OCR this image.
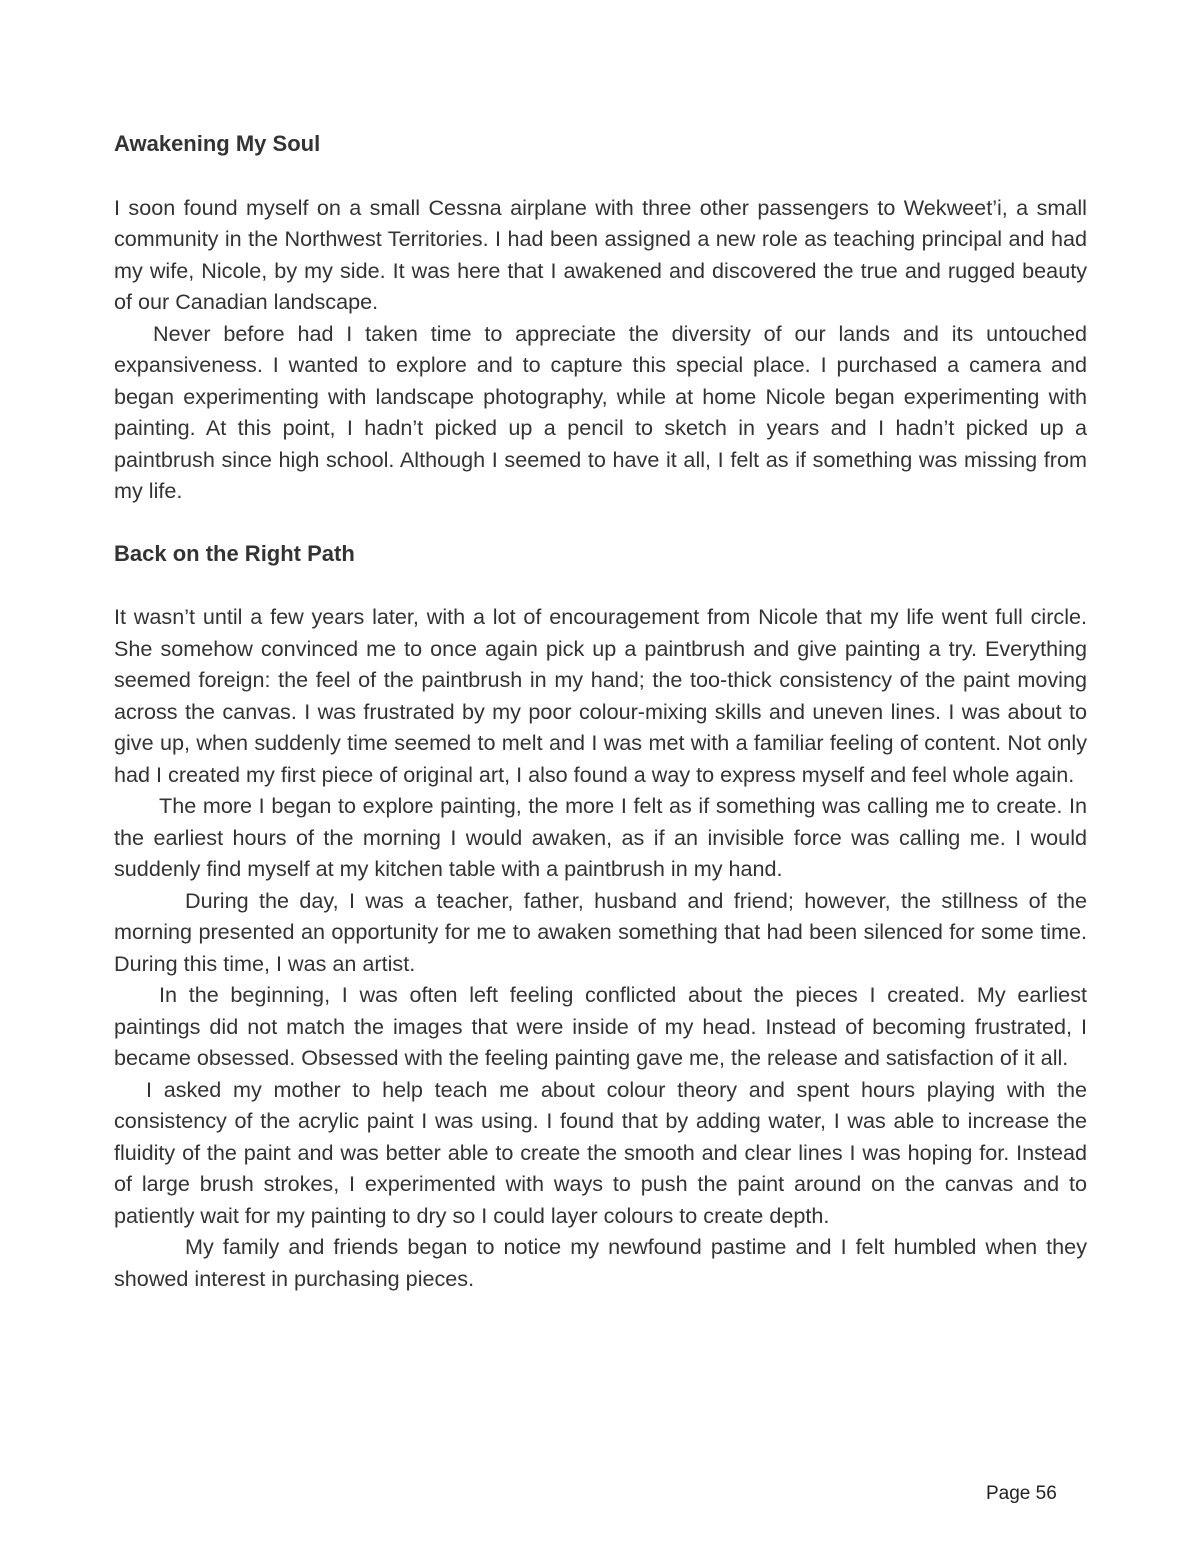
Awakening My Soul

I soon found myself on a small Cessna airplane with three other passengers to Wekweet’i, a small community in the Northwest Territories. I had been assigned a new role as teaching principal and had my wife, Nicole, by my side. It was here that I awakened and discovered the true and rugged beauty of our Canadian landscape.

Never before had I taken time to appreciate the diversity of our lands and its untouched expansiveness. I wanted to explore and to capture this special place. I purchased a camera and began experimenting with landscape photography, while at home Nicole began experimenting with painting. At this point, I hadn’t picked up a pencil to sketch in years and I hadn’t picked up a paintbrush since high school. Although I seemed to have it all, I felt as if something was missing from my life.

Back on the Right Path

It wasn’t until a few years later, with a lot of encouragement from Nicole that my life went full circle. She somehow convinced me to once again pick up a paintbrush and give painting a try. Everything seemed foreign: the feel of the paintbrush in my hand; the too-thick consistency of the paint moving across the canvas. I was frustrated by my poor colour-mixing skills and uneven lines. I was about to give up, when suddenly time seemed to melt and I was met with a familiar feeling of content. Not only had I created my first piece of original art, I also found a way to express myself and feel whole again.

The more I began to explore painting, the more I felt as if something was calling me to create. In the earliest hours of the morning I would awaken, as if an invisible force was calling me. I would suddenly find myself at my kitchen table with a paintbrush in my hand.

During the day, I was a teacher, father, husband and friend; however, the stillness of the morning presented an opportunity for me to awaken something that had been silenced for some time. During this time, I was an artist.

In the beginning, I was often left feeling conflicted about the pieces I created. My earliest paintings did not match the images that were inside of my head. Instead of becoming frustrated, I became obsessed. Obsessed with the feeling painting gave me, the release and satisfaction of it all.

I asked my mother to help teach me about colour theory and spent hours playing with the consistency of the acrylic paint I was using. I found that by adding water, I was able to increase the fluidity of the paint and was better able to create the smooth and clear lines I was hoping for. Instead of large brush strokes, I experimented with ways to push the paint around on the canvas and to patiently wait for my painting to dry so I could layer colours to create depth.

My family and friends began to notice my newfound pastime and I felt humbled when they showed interest in purchasing pieces.

Page 56
